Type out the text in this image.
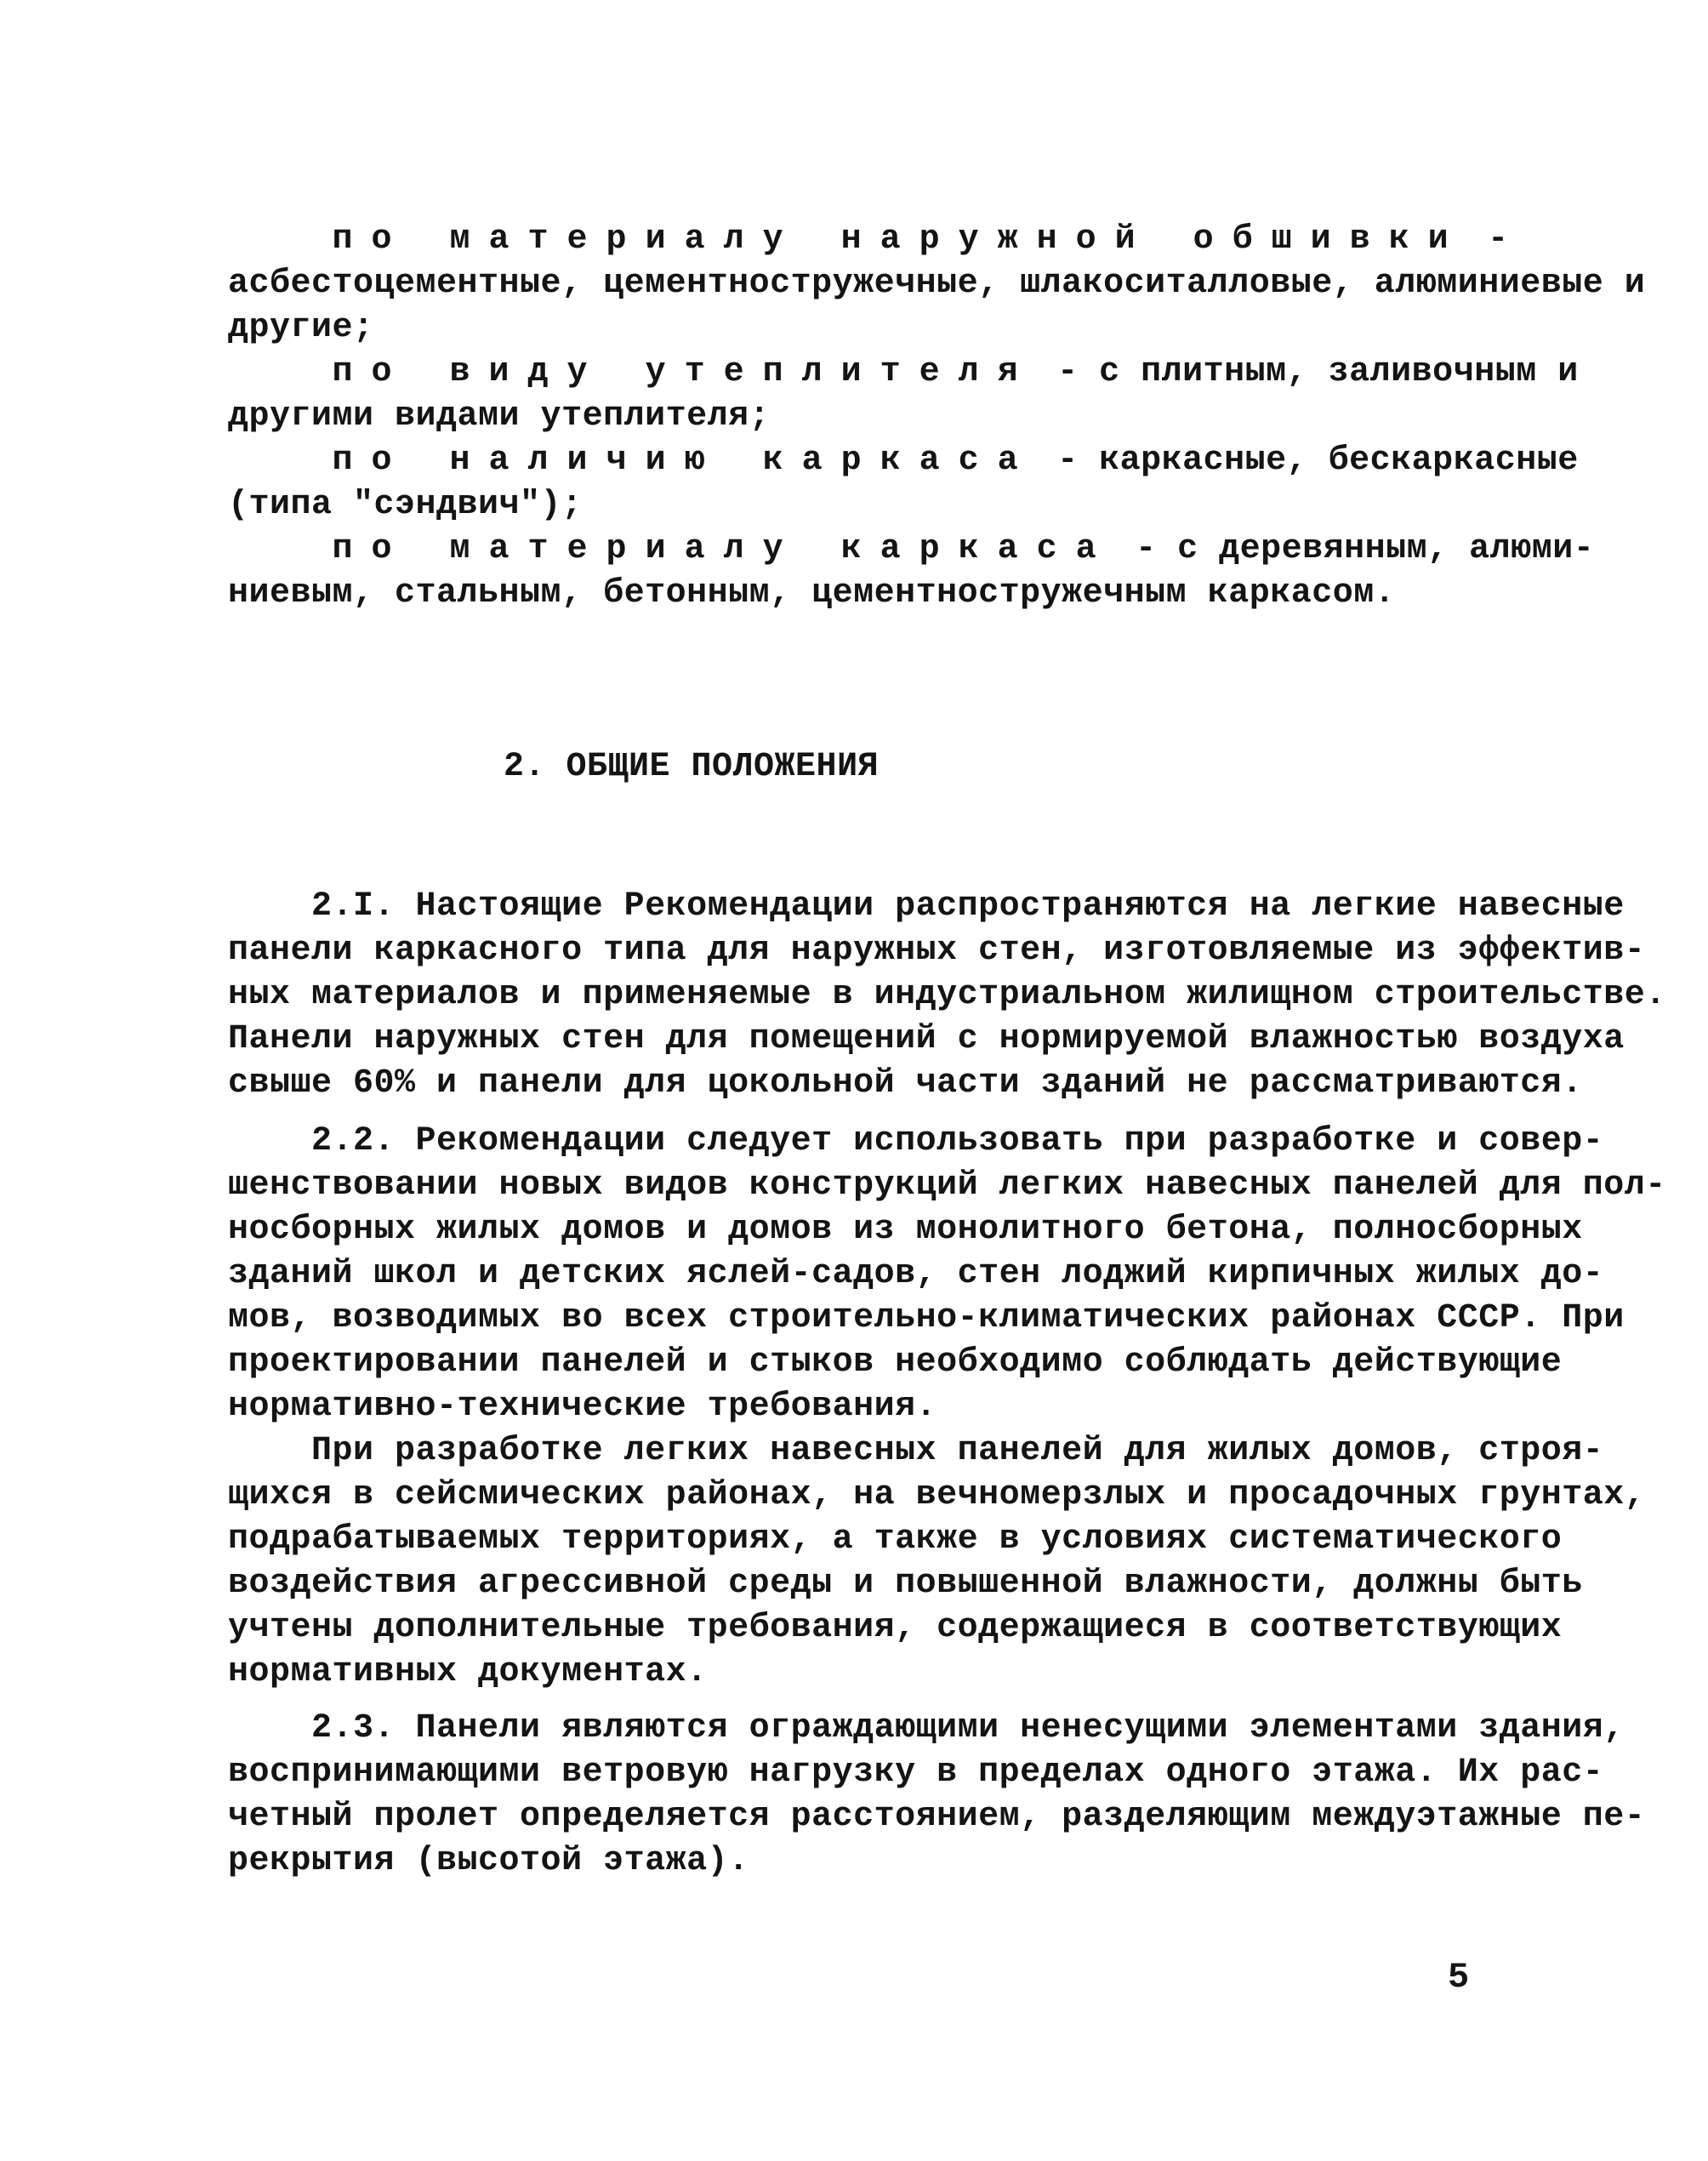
по материалу наружной обшивки -
асбестоцементные, цементностружечные, шлакоситалловые, алюминиевые и
другие;
по виду утеплителя - с плитным, заливочным и
другими видами утеплителя;
по наличию каркаса - каркасные, бескаркасные
(типа "сэндвич");
по материалу каркаса - с деревянным, алюми-
ниевым, стальным, бетонным, цементностружечным каркасом.
2. ОБЩИЕ ПОЛОЖЕНИЯ
2.I. Настоящие Рекомендации распространяются на легкие навесные
панели каркасного типа для наружных стен, изготовляемые из эффектив-
ных материалов и применяемые в индустриальном жилищном строительстве.
Панели наружных стен для помещений с нормируемой влажностью воздуха
свыше 60% и панели для цокольной части зданий не рассматриваются.
2.2. Рекомендации следует использовать при разработке и совер-
шенствовании новых видов конструкций легких навесных панелей для пол-
носборных жилых домов и домов из монолитного бетона, полносборных
зданий школ и детских яслей-садов, стен лоджий кирпичных жилых до-
мов, возводимых во всех строительно-климатических районах СССР. При
проектировании панелей и стыков необходимо соблюдать действующие
нормативно-технические требования.
При разработке легких навесных панелей для жилых домов, строя-
щихся в сейсмических районах, на вечномерзлых и просадочных грунтах,
подрабатываемых территориях, а также в условиях систематического
воздействия агрессивной среды и повышенной влажности, должны быть
учтены дополнительные требования, содержащиеся в соответствующих
нормативных документах.
2.3. Панели являются ограждающими ненесущими элементами здания,
воспринимающими ветровую нагрузку в пределах одного этажа. Их рас-
четный пролет определяется расстоянием, разделяющим междуэтажные пе-
рекрытия (высотой этажа).
5
